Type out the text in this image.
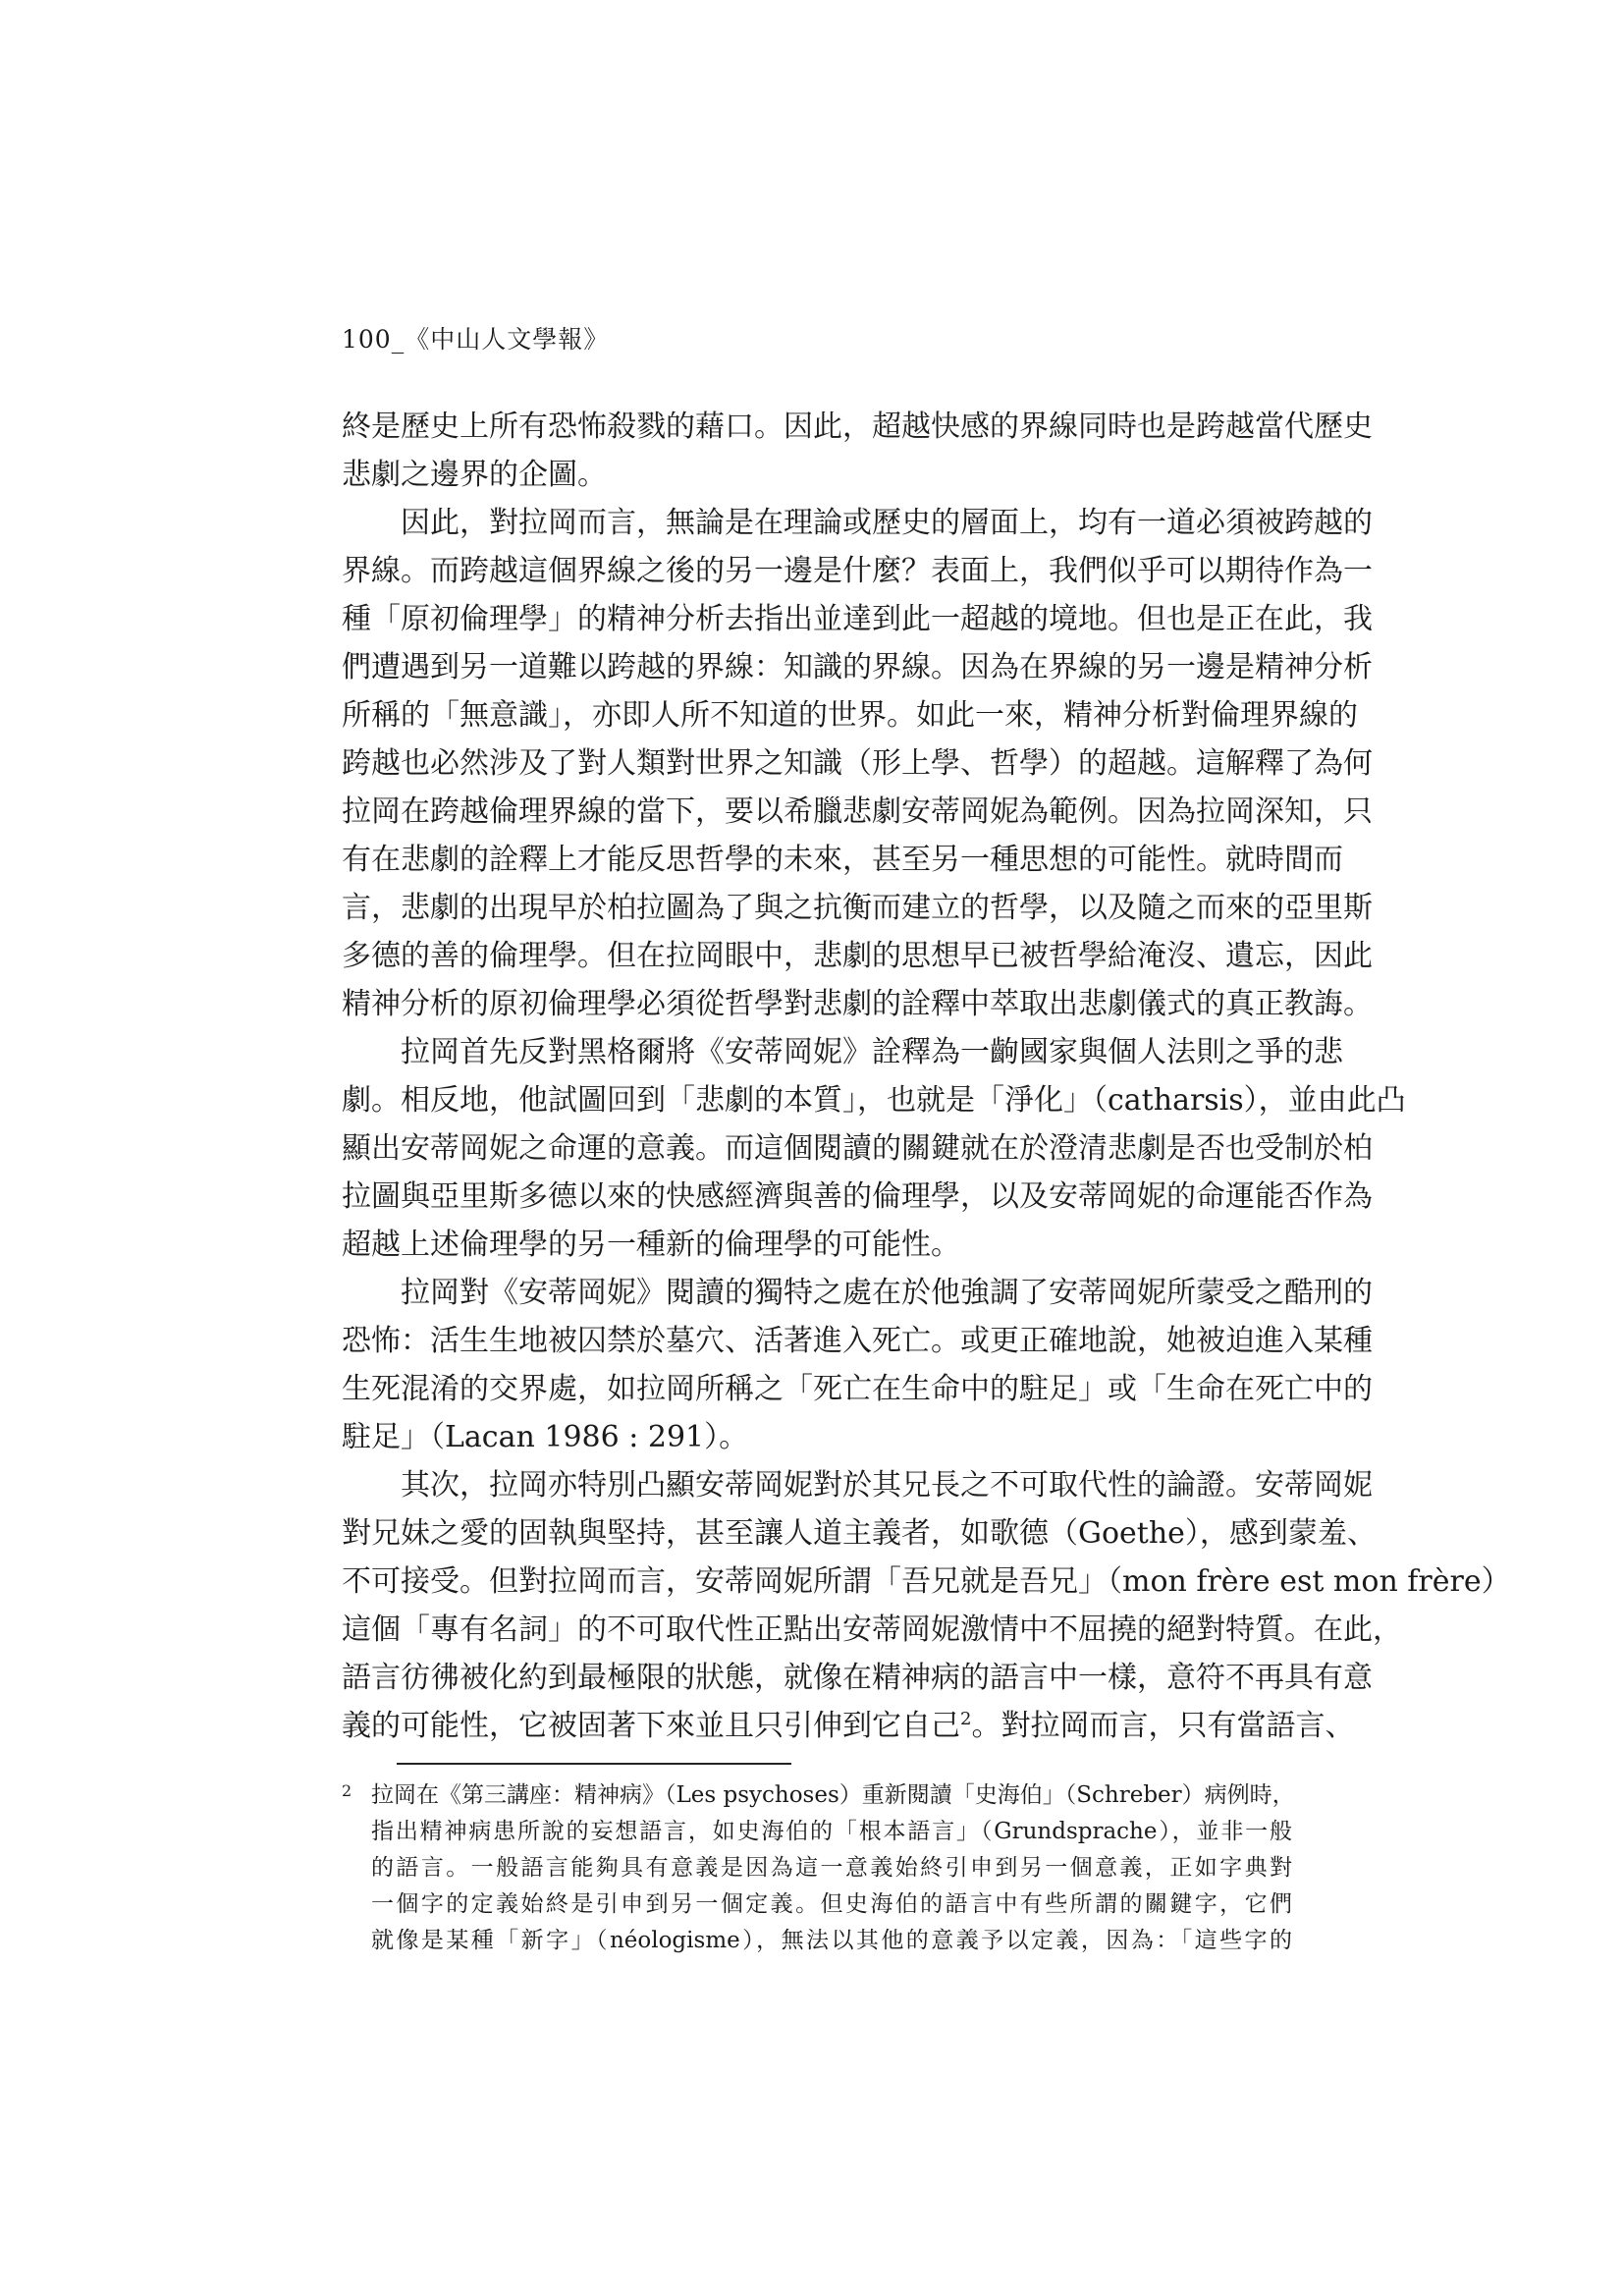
100_《中山人文學報》
終是歷史上所有恐怖殺戮的藉口。因此，超越快感的界線同時也是跨越當代歷史
悲劇之邊界的企圖。
因此，對拉岡而言，無論是在理論或歷史的層面上，均有一道必須被跨越的
界線。而跨越這個界線之後的另一邊是什麼？表面上，我們似乎可以期待作為一
種「原初倫理學」的精神分析去指出並達到此一超越的境地。但也是正在此，我
們遭遇到另一道難以跨越的界線：知識的界線。因為在界線的另一邊是精神分析
所稱的「無意識」，亦即人所不知道的世界。如此一來，精神分析對倫理界線的
跨越也必然涉及了對人類對世界之知識（形上學、哲學）的超越。這解釋了為何
拉岡在跨越倫理界線的當下，要以希臘悲劇安蒂岡妮為範例。因為拉岡深知，只
有在悲劇的詮釋上才能反思哲學的未來，甚至另一種思想的可能性。就時間而
言，悲劇的出現早於柏拉圖為了與之抗衡而建立的哲學，以及隨之而來的亞里斯
多德的善的倫理學。但在拉岡眼中，悲劇的思想早已被哲學給淹沒、遺忘，因此
精神分析的原初倫理學必須從哲學對悲劇的詮釋中萃取出悲劇儀式的真正教誨。
拉岡首先反對黑格爾將《安蒂岡妮》詮釋為一齣國家與個人法則之爭的悲
劇。相反地，他試圖回到「悲劇的本質」，也就是「淨化」（catharsis），並由此凸
顯出安蒂岡妮之命運的意義。而這個閱讀的關鍵就在於澄清悲劇是否也受制於柏
拉圖與亞里斯多德以來的快感經濟與善的倫理學，以及安蒂岡妮的命運能否作為
超越上述倫理學的另一種新的倫理學的可能性。
拉岡對《安蒂岡妮》閱讀的獨特之處在於他強調了安蒂岡妮所蒙受之酷刑的
恐怖：活生生地被囚禁於墓穴、活著進入死亡。或更正確地說，她被迫進入某種
生死混淆的交界處，如拉岡所稱之「死亡在生命中的駐足」或「生命在死亡中的
駐足」（Lacan 1986 : 291）。
其次，拉岡亦特別凸顯安蒂岡妮對於其兄長之不可取代性的論證。安蒂岡妮
對兄妹之愛的固執與堅持，甚至讓人道主義者，如歌德（Goethe），感到蒙羞、
不可接受。但對拉岡而言，安蒂岡妮所謂「吾兄就是吾兄」（mon frère est mon frère）
這個「專有名詞」的不可取代性正點出安蒂岡妮激情中不屈撓的絕對特質。在此，
語言彷彿被化約到最極限的狀態，就像在精神病的語言中一樣，意符不再具有意
義的可能性，它被固著下來並且只引伸到它自己$^2$。對拉岡而言，只有當語言、
2 拉岡在《第三講座：精神病》（Les psychoses）重新閱讀「史海伯」（Schreber）病例時，
指出精神病患所說的妄想語言，如史海伯的「根本語言」（Grundsprache），並非一般
的語言。一般語言能夠具有意義是因為這一意義始終引申到另一個意義，正如字典對
一個字的定義始終是引申到另一個定義。但史海伯的語言中有些所謂的關鍵字，它們
就像是某種「新字」（néologisme），無法以其他的意義予以定義，因為：「這些字的
